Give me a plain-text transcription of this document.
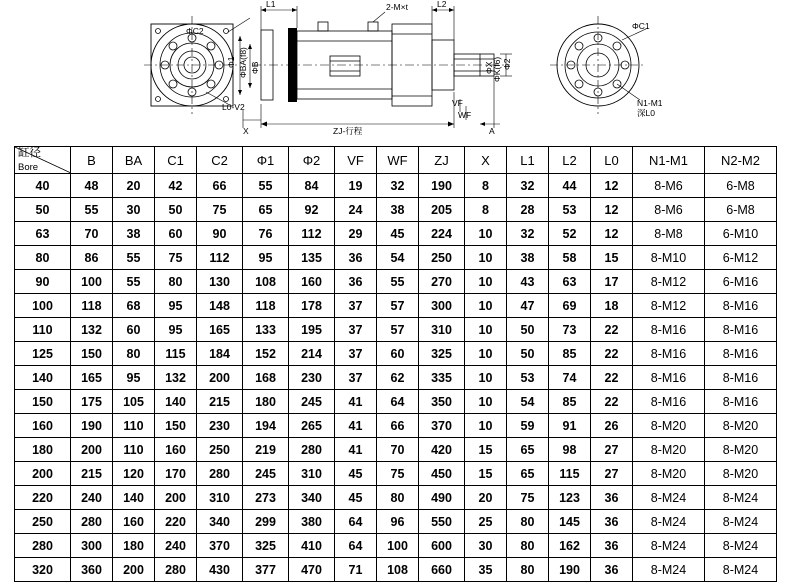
L1	L2
2-M×t
ΦC2	ΦC1
Φ1 ΦBA(f8) ΦB	Φ2
ΦX
ΦK(f6)
VF
WF
ZJ-行程
X	A
N1-M1
深L0
L0-V2
缸径
Bore	B	BA	C1	C2	Φ1	Φ2	VF	WF	ZJ	X	L1	L2	L0	N1-M1	N2-M2
40	48	20	42	66	55	84	19	32	190	8	32	44	12	8-M6	6-M8
50	55	30	50	75	65	92	24	38	205	8	28	53	12	8-M6	6-M8
63	70	38	60	90	76	112	29	45	224	10	32	52	12	8-M8	6-M10
80	86	55	75	112	95	135	36	54	250	10	38	58	15	8-M10	6-M12
90	100	55	80	130	108	160	36	55	270	10	43	63	17	8-M12	6-M16
100	118	68	95	148	118	178	37	57	300	10	47	69	18	8-M12	8-M16
110	132	60	95	165	133	195	37	57	310	10	50	73	22	8-M16	8-M16
125	150	80	115	184	152	214	37	60	325	10	50	85	22	8-M16	8-M16
140	165	95	132	200	168	230	37	62	335	10	53	74	22	8-M16	8-M16
150	175	105	140	215	180	245	41	64	350	10	54	85	22	8-M16	8-M16
160	190	110	150	230	194	265	41	66	370	10	59	91	26	8-M20	8-M20
180	200	110	160	250	219	280	41	70	420	15	65	98	27	8-M20	8-M20
200	215	120	170	280	245	310	45	75	450	15	65	115	27	8-M20	8-M20
220	240	140	200	310	273	340	45	80	490	20	75	123	36	8-M24	8-M24
250	280	160	220	340	299	380	64	96	550	25	80	145	36	8-M24	8-M24
280	300	180	240	370	325	410	64	100	600	30	80	162	36	8-M24	8-M24
320	360	200	280	430	377	470	71	108	660	35	80	190	36	8-M24	8-M24
